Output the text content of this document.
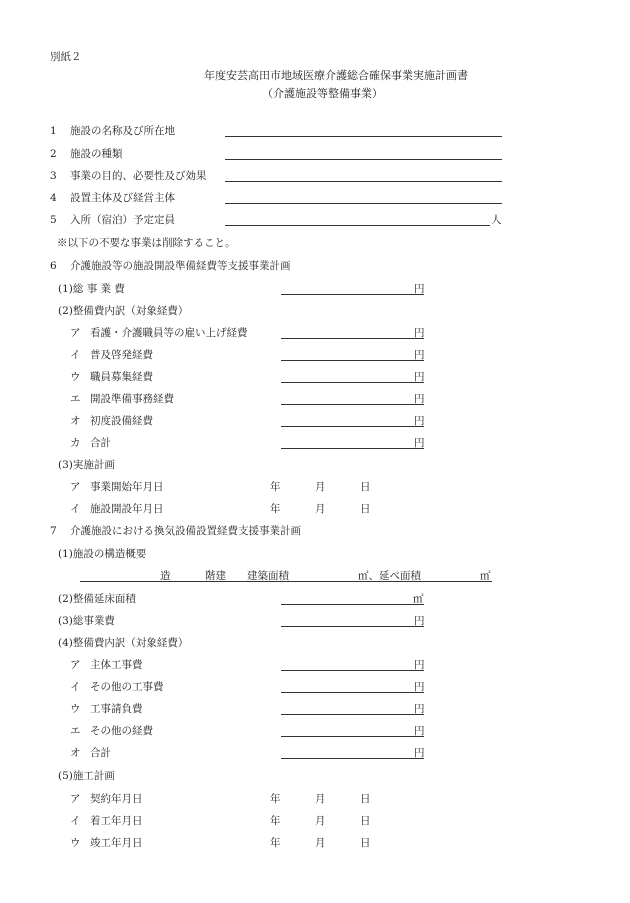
別紙２
年度安芸高田市地域医療介護総合確保事業実施計画書
（介護施設等整備事業）
1 施設の名称及び所在地
2 施設の種類
3 事業の目的、必要性及び効果
4 設置主体及び経営主体
5 入所（宿泊）予定定員	人
※以下の不要な事業は削除すること。
6 介護施設等の施設開設準備経費等支援事業計画
(1)総 事 業 費	円
(2)整備費内訳（対象経費）
ア 看護・介護職員等の雇い上げ経費	円
イ 普及啓発経費	円
ウ 職員募集経費	円
エ 開設準備事務経費	円
オ 初度設備経費	円
カ 合計	円
(3)実施計画
ア 事業開始年月日	年	月	日
イ 施設開設年月日	年	月	日
7 介護施設における換気設備設置経費支援事業計画
(1)施設の構造概要
造	階建 建築面積	㎡、延べ面積	㎡
(2)整備延床面積	㎡
(3)総事業費	円
(4)整備費内訳（対象経費）
ア 主体工事費	円
イ その他の工事費	円
ウ 工事請負費	円
エ その他の経費	円
オ 合計	円
(5)施工計画
ア 契約年月日	年	月	日
イ 着工年月日	年	月	日
ウ 竣工年月日	年	月	日
